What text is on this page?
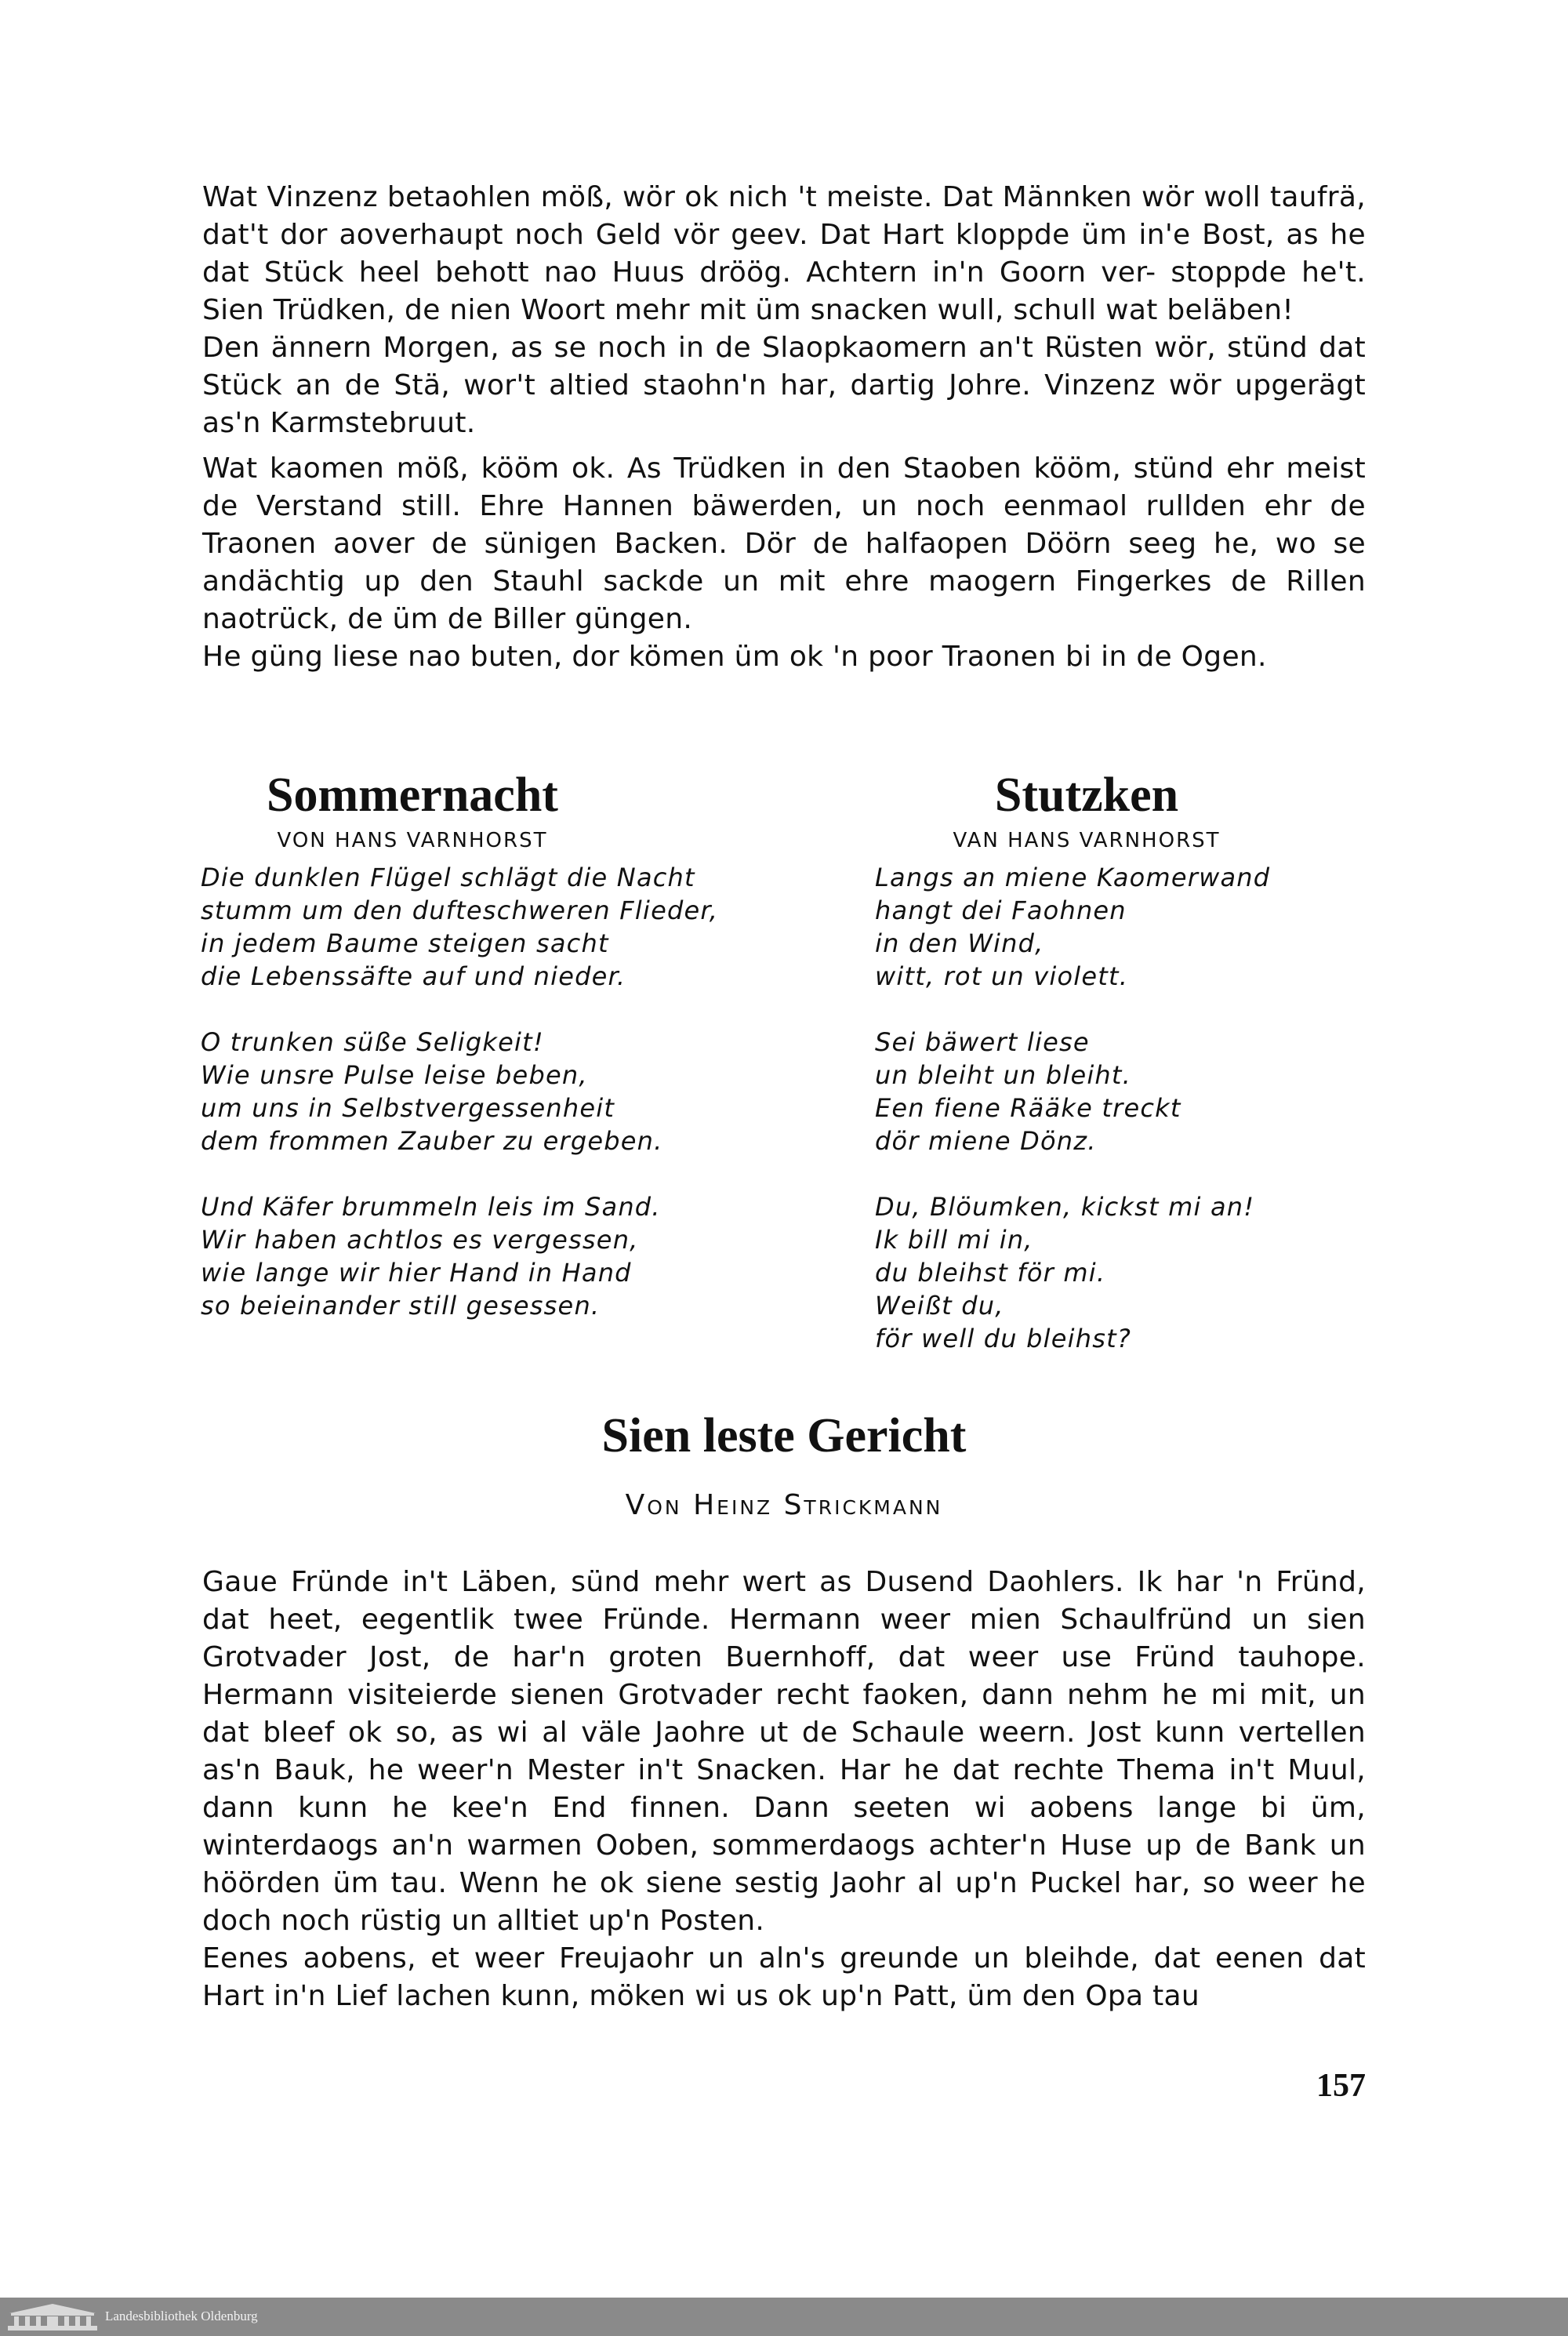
Wat Vinzenz betaohlen möß, wör ok nich 't meiste. Dat Männken wör woll taufrä, dat't dor aoverhaupt noch Geld vör geev. Dat Hart kloppde üm in'e Bost, as he dat Stück heel behott nao Huus dröög. Achtern in'n Goorn ver- stoppde he't. Sien Trüdken, de nien Woort mehr mit üm snacken wull, schull wat beläben!

Den ännern Morgen, as se noch in de Slaopkaomern an't Rüsten wör, stünd dat Stück an de Stä, wor't altied staohn'n har, dartig Johre. Vinzenz wör upgerägt as'n Karmstebruut.

Wat kaomen möß, kööm ok. As Trüdken in den Staoben kööm, stünd ehr meist de Verstand still. Ehre Hannen bäwerden, un noch eenmaol rullden ehr de Traonen aover de sünigen Backen. Dör de halfaopen Döörn seeg he, wo se andächtig up den Stauhl sackde un mit ehre maogern Fingerkes de Rillen naotrück, de üm de Biller güngen.

He güng liese nao buten, dor kömen üm ok 'n poor Traonen bi in de Ogen.

Sommernacht
VON HANS VARNHORST
Die dunklen Flügel schlägt die Nacht
stumm um den dufteschweren Flieder,
in jedem Baume steigen sacht
die Lebenssäfte auf und nieder.
O trunken süße Seligkeit!
Wie unsre Pulse leise beben,
um uns in Selbstvergessenheit
dem frommen Zauber zu ergeben.
Und Käfer brummeln leis im Sand.
Wir haben achtlos es vergessen,
wie lange wir hier Hand in Hand
so beieinander still gesessen.
Stutzken
VAN HANS VARNHORST
Langs an miene Kaomerwand
hangt dei Faohnen
in den Wind,
witt, rot un violett.
Sei bäwert liese
un bleiht un bleiht.
Een fiene Rääke treckt
dör miene Dönz.
Du, Blöumken, kickst mi an!
Ik bill mi in,
du bleihst för mi.
Weißt du,
för well du bleihst?
Sien leste Gericht
Von Heinz Strickmann

Gaue Fründe in't Läben, sünd mehr wert as Dusend Daohlers. Ik har 'n Fründ, dat heet, eegentlik twee Fründe. Hermann weer mien Schaulfründ un sien Grotvader Jost, de har'n groten Buernhoff, dat weer use Fründ tauhope. Hermann visiteierde sienen Grotvader recht faoken, dann nehm he mi mit, un dat bleef ok so, as wi al väle Jaohre ut de Schaule weern. Jost kunn vertellen as'n Bauk, he weer'n Mester in't Snacken. Har he dat rechte Thema in't Muul, dann kunn he kee'n End finnen. Dann seeten wi aobens lange bi üm, winterdaogs an'n warmen Ooben, sommerdaogs achter'n Huse up de Bank un höörden üm tau. Wenn he ok siene sestig Jaohr al up'n Puckel har, so weer he doch noch rüstig un alltiet up'n Posten.

Eenes aobens, et weer Freujaohr un aln's greunde un bleihde, dat eenen dat Hart in'n Lief lachen kunn, möken wi us ok up'n Patt, üm den Opa tau

157
Landesbibliothek Oldenburg
